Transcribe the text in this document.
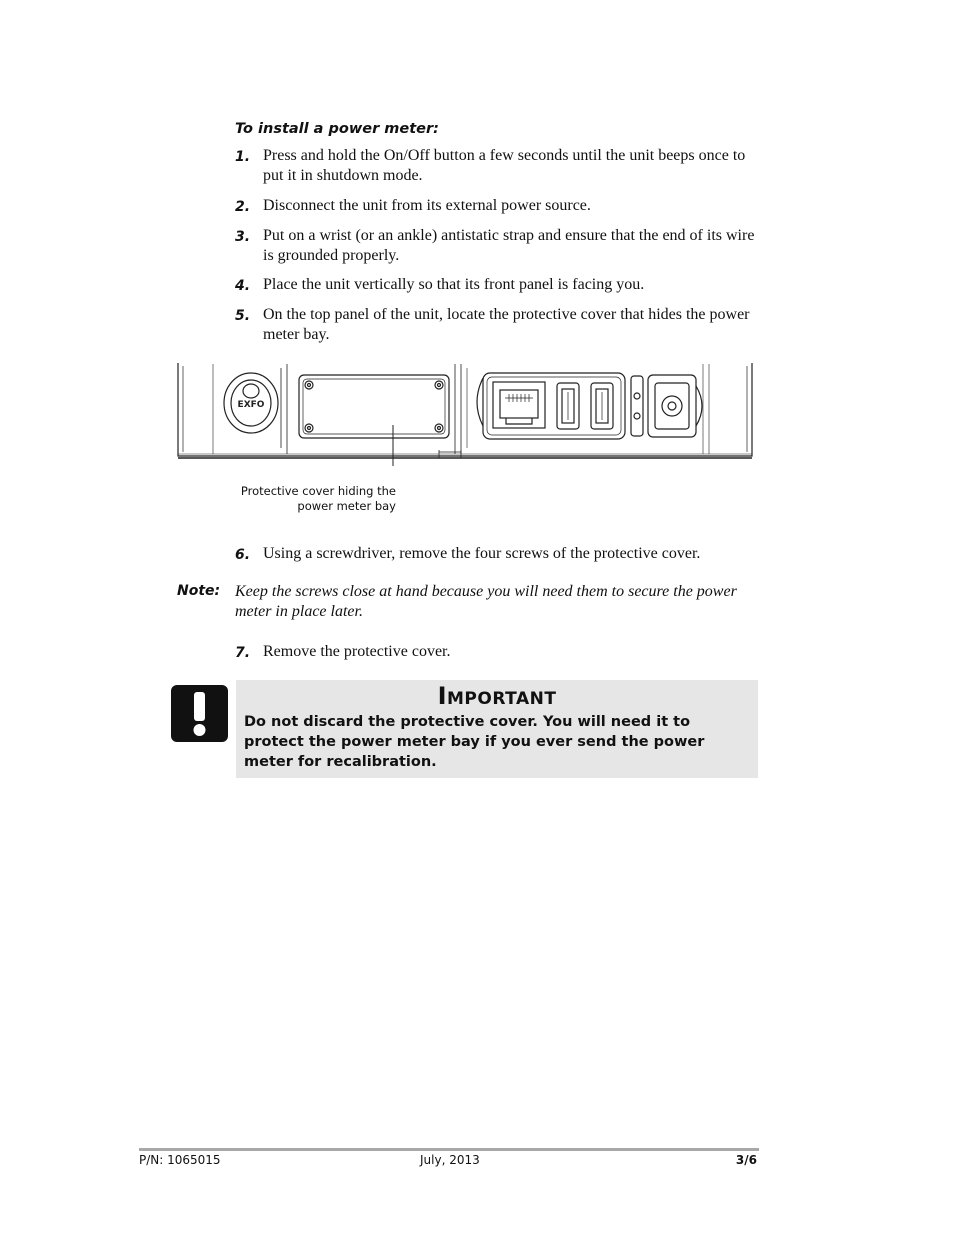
To install a power meter:
1. Press and hold the On/Off button a few seconds until the unit beeps once to put it in shutdown mode.
2. Disconnect the unit from its external power source.
3. Put on a wrist (or an ankle) antistatic strap and ensure that the end of its wire is grounded properly.
4. Place the unit vertically so that its front panel is facing you.
5. On the top panel of the unit, locate the protective cover that hides the power meter bay.
EXFO
Protective cover hiding the
power meter bay
6. Using a screwdriver, remove the four screws of the protective cover.
Note: Keep the screws close at hand because you will need them to secure the power meter in place later.
7. Remove the protective cover.
Important
Do not discard the protective cover. You will need it to protect the power meter bay if you ever send the power meter for recalibration.
P/N: 1065015	July, 2013	3/6
